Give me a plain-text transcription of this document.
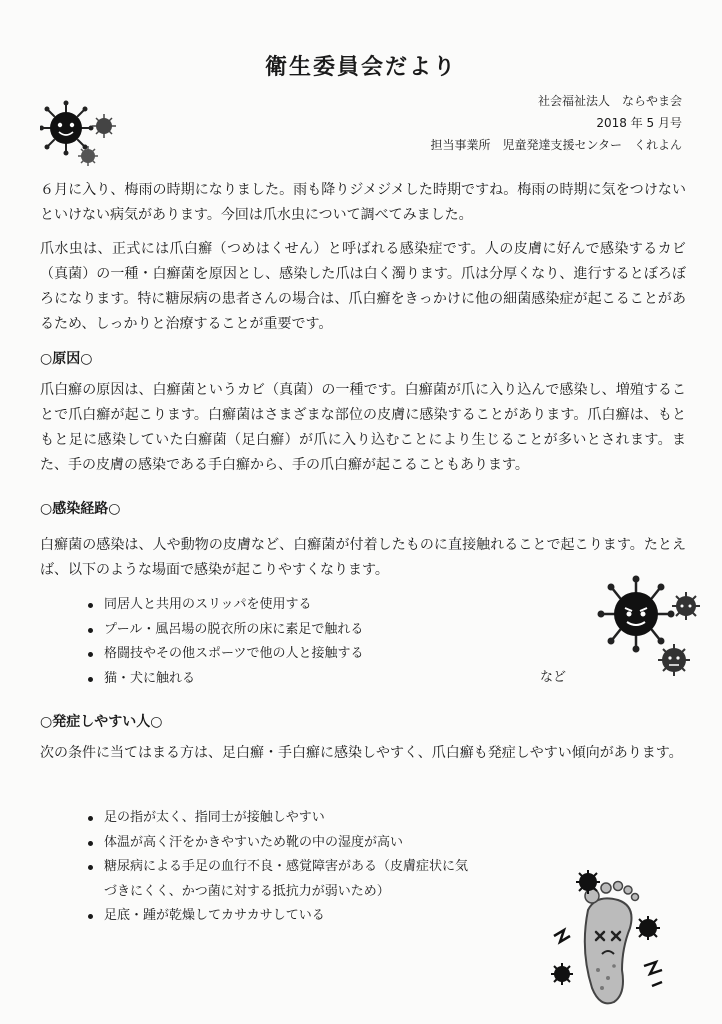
衛生委員会だより
社会福祉法人　ならやま会
2018 年 5 月号
担当事業所　児童発達支援センター　くれよん
６月に入り、梅雨の時期になりました。雨も降りジメジメした時期ですね。梅雨の時期に気をつけないといけない病気があります。今回は爪水虫について調べてみました。
爪水虫は、正式には爪白癬（つめはくせん）と呼ばれる感染症です。人の皮膚に好んで感染するカビ（真菌）の一種・白癬菌を原因とし、感染した爪は白く濁ります。爪は分厚くなり、進行するとぼろぼろになります。特に糖尿病の患者さんの場合は、爪白癬をきっかけに他の細菌感染症が起こることがあるため、しっかりと治療することが重要です。
○原因○
爪白癬の原因は、白癬菌というカビ（真菌）の一種です。白癬菌が爪に入り込んで感染し、増殖することで爪白癬が起こります。白癬菌はさまざまな部位の皮膚に感染することがあります。爪白癬は、もともと足に感染していた白癬菌（足白癬）が爪に入り込むことにより生じることが多いとされます。また、手の皮膚の感染である手白癬から、手の爪白癬が起こることもあります。
○感染経路○
白癬菌の感染は、人や動物の皮膚など、白癬菌が付着したものに直接触れることで起こります。たとえば、以下のような場面で感染が起こりやすくなります。
同居人と共用のスリッパを使用する
プール・風呂場の脱衣所の床に素足で触れる
格闘技やその他スポーツで他の人と接触する
猫・犬に触れる	など
○発症しやすい人○
次の条件に当てはまる方は、足白癬・手白癬に感染しやすく、爪白癬も発症しやすい傾向があります。
足の指が太く、指同士が接触しやすい
体温が高く汗をかきやすいため靴の中の湿度が高い
糖尿病による手足の血行不良・感覚障害がある（皮膚症状に気づきにくく、かつ菌に対する抵抗力が弱いため）
足底・踵が乾燥してカサカサしている
